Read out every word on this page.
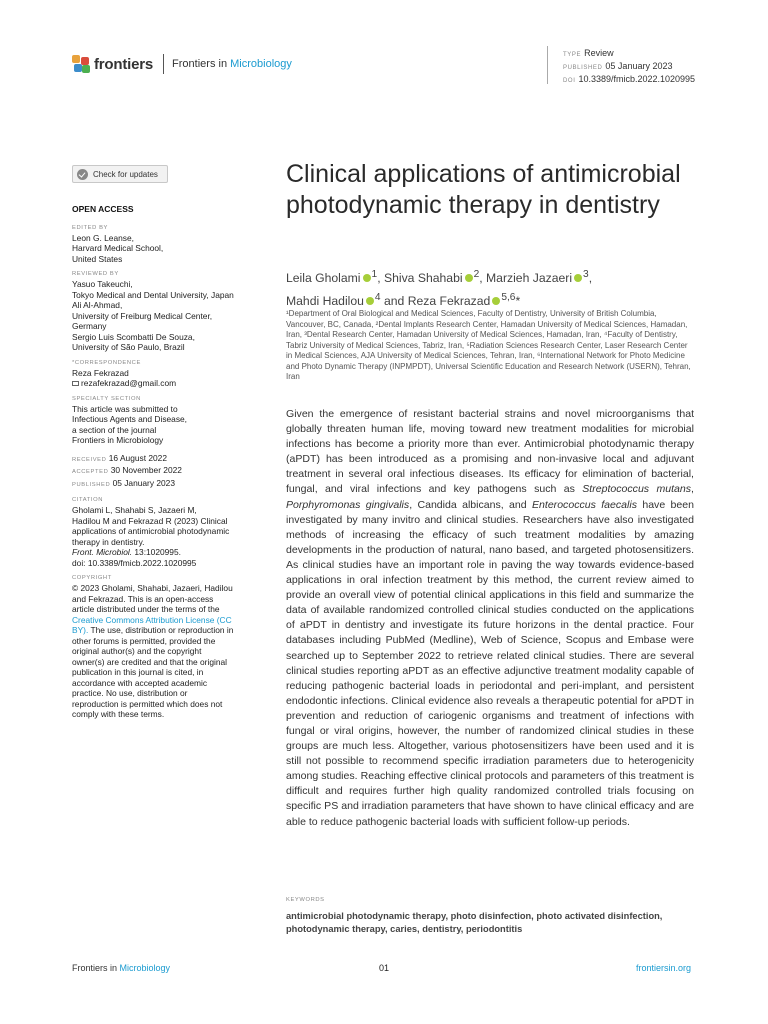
frontiers Frontiers in Microbiology
TYPE Review
PUBLISHED 05 January 2023
DOI 10.3389/fmicb.2022.1020995
Check for updates
OPEN ACCESS
EDITED BY
Leon G. Leanse,
Harvard Medical School,
United States
REVIEWED BY
Yasuo Takeuchi,
Tokyo Medical and Dental University, Japan
Ali Al-Ahmad,
University of Freiburg Medical Center,
Germany
Sergio Luis Scombatti De Souza,
University of São Paulo, Brazil
*CORRESPONDENCE
Reza Fekrazad
rezafekrazad@gmail.com
SPECIALTY SECTION
This article was submitted to
Infectious Agents and Disease,
a section of the journal
Frontiers in Microbiology
RECEIVED 16 August 2022
ACCEPTED 30 November 2022
PUBLISHED 05 January 2023
CITATION
Gholami L, Shahabi S, Jazaeri M,
Hadilou M and Fekrazad R (2023) Clinical
applications of antimicrobial photodynamic
therapy in dentistry.
Front. Microbiol. 13:1020995.
doi: 10.3389/fmicb.2022.1020995
COPYRIGHT
© 2023 Gholami, Shahabi, Jazaeri, Hadilou
and Fekrazad. This is an open-access
article distributed under the terms of the
Creative Commons Attribution License (CC
BY). The use, distribution or reproduction in
other forums is permitted, provided the
original author(s) and the copyright
owner(s) are credited and that the original
publication in this journal is cited, in
accordance with accepted academic
practice. No use, distribution or
reproduction is permitted which does not
comply with these terms.
Clinical applications of antimicrobial photodynamic therapy in dentistry
Leila Gholami $^1$, Shiva Shahabi $^2$, Marzieh Jazaeri $^3$,
Mahdi Hadilou $^4$ and Reza Fekrazad $^{5,6}$*
¹Department of Oral Biological and Medical Sciences, Faculty of Dentistry, University of British Columbia, Vancouver, BC, Canada, ²Dental Implants Research Center, Hamadan University of Medical Sciences, Hamadan, Iran, ³Dental Research Center, Hamadan University of Medical Sciences, Hamadan, Iran, ⁴Faculty of Dentistry, Tabriz University of Medical Sciences, Tabriz, Iran, ⁵Radiation Sciences Research Center, Laser Research Center in Medical Sciences, AJA University of Medical Sciences, Tehran, Iran, ⁶International Network for Photo Medicine and Photo Dynamic Therapy (INPMPDT), Universal Scientific Education and Research Network (USERN), Tehran, Iran
Given the emergence of resistant bacterial strains and novel microorganisms that globally threaten human life, moving toward new treatment modalities for microbial infections has become a priority more than ever. Antimicrobial photodynamic therapy (aPDT) has been introduced as a promising and non-invasive local and adjuvant treatment in several oral infectious diseases. Its efficacy for elimination of bacterial, fungal, and viral infections and key pathogens such as Streptococcus mutans, Porphyromonas gingivalis, Candida albicans, and Enterococcus faecalis have been investigated by many invitro and clinical studies. Researchers have also investigated methods of increasing the efficacy of such treatment modalities by amazing developments in the production of natural, nano based, and targeted photosensitizers. As clinical studies have an important role in paving the way towards evidence-based applications in oral infection treatment by this method, the current review aimed to provide an overall view of potential clinical applications in this field and summarize the data of available randomized controlled clinical studies conducted on the applications of aPDT in dentistry and investigate its future horizons in the dental practice. Four databases including PubMed (Medline), Web of Science, Scopus and Embase were searched up to September 2022 to retrieve related clinical studies. There are several clinical studies reporting aPDT as an effective adjunctive treatment modality capable of reducing pathogenic bacterial loads in periodontal and peri-implant, and persistent endodontic infections. Clinical evidence also reveals a therapeutic potential for aPDT in prevention and reduction of cariogenic organisms and treatment of infections with fungal or viral origins, however, the number of randomized clinical studies in these groups are much less. Altogether, various photosensitizers have been used and it is still not possible to recommend specific irradiation parameters due to heterogenicity among studies. Reaching effective clinical protocols and parameters of this treatment is difficult and requires further high quality randomized controlled trials focusing on specific PS and irradiation parameters that have shown to have clinical efficacy and are able to reduce pathogenic bacterial loads with sufficient follow-up periods.
KEYWORDS
antimicrobial photodynamic therapy, photo disinfection, photo activated disinfection, photodynamic therapy, caries, dentistry, periodontitis
Frontiers in Microbiology	01	frontiersin.org
